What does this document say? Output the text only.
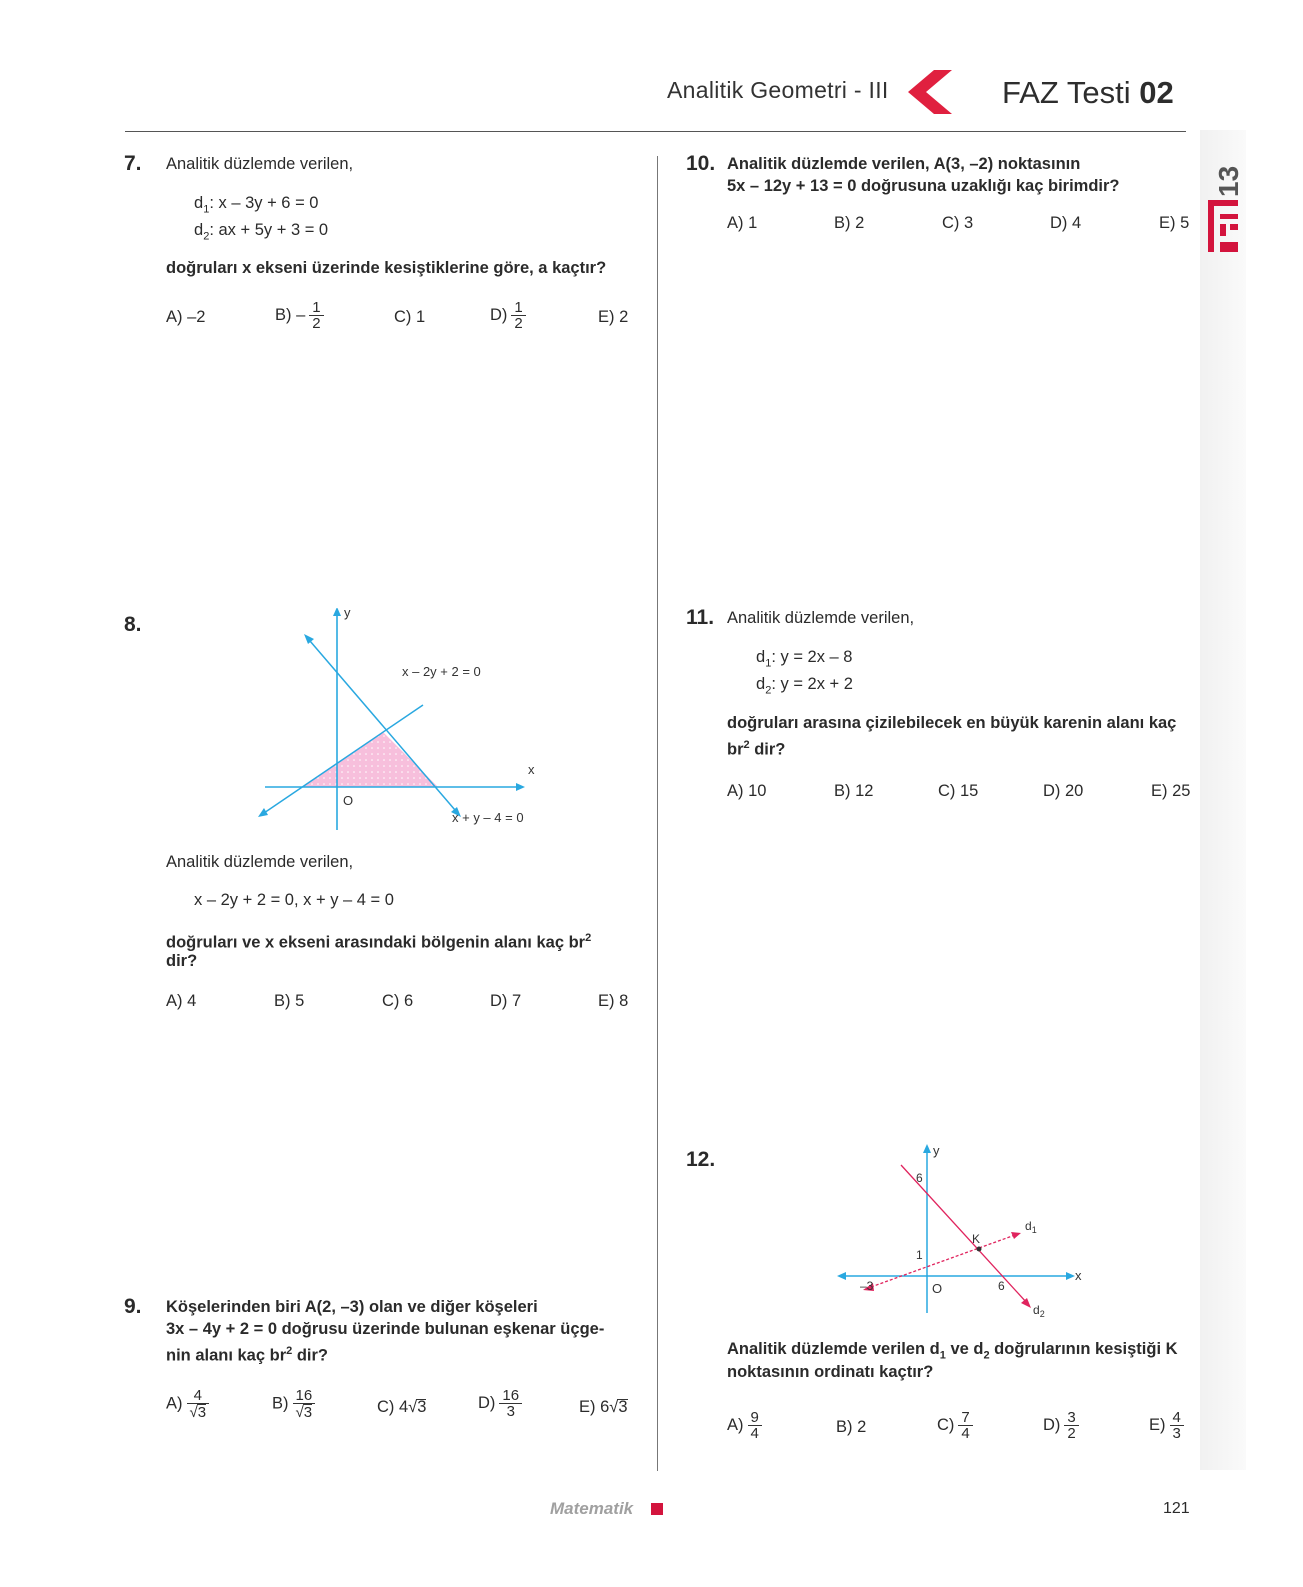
Analitik Geometri - III	FAZ Testi 02
13
7. Analitik düzlemde verilen,
$d_1$: x – 3y + 6 = 0
$d_2$: ax + 5y + 3 = 0
doğruları x ekseni üzerinde kesiştiklerine göre, a kaçtır?
A) –2	$B) - \frac{1}{2}$	C) 1	$D) \frac{1}{2}$	E) 2
8.
y
x
O
x – 2y + 2 = 0
x + y – 4 = 0
Analitik düzlemde verilen,
x – 2y + 2 = 0, x + y – 4 = 0
doğruları ve x ekseni arasındaki bölgenin alanı kaç $br^2$
dir?
A) 4	B) 5	C) 6	D) 7	E) 8
9. Köşelerinden biri A(2, –3) olan ve diğer köşeleri
3x – 4y + 2 = 0 doğrusu üzerinde bulunan eşkenar üçge-
nin alanı kaç $br^2$ dir?
$A) \frac{4}{√3}$	$B) \frac{16}{√3}$	C) 4√3	$D) \frac{16}{3}$	E) 6√3
10. Analitik düzlemde verilen, A(3, –2) noktasının
5x – 12y + 13 = 0 doğrusuna uzaklığı kaç birimdir?
A) 1	B) 2	C) 3	D) 4	E) 5
11. Analitik düzlemde verilen,
$d_1$: y = 2x – 8
$d_2$: y = 2x + 2
doğruları arasına çizilebilecek en büyük karenin alanı kaç
$br^2$ dir?
A) 10	B) 12	C) 15	D) 20	E) 25
12.	y
x
O
6
1
–3	6
K
$d_1$
$d_2$
Analitik düzlemde verilen $d_1$ ve $d_2$ doğrularının kesiştiği K
noktasının ordinatı kaçtır?
$A) \frac{9}{4}$	B) 2	$C) \frac{7}{4}$	$D) \frac{3}{2}$	$E) \frac{4}{3}$
Matematik	121
